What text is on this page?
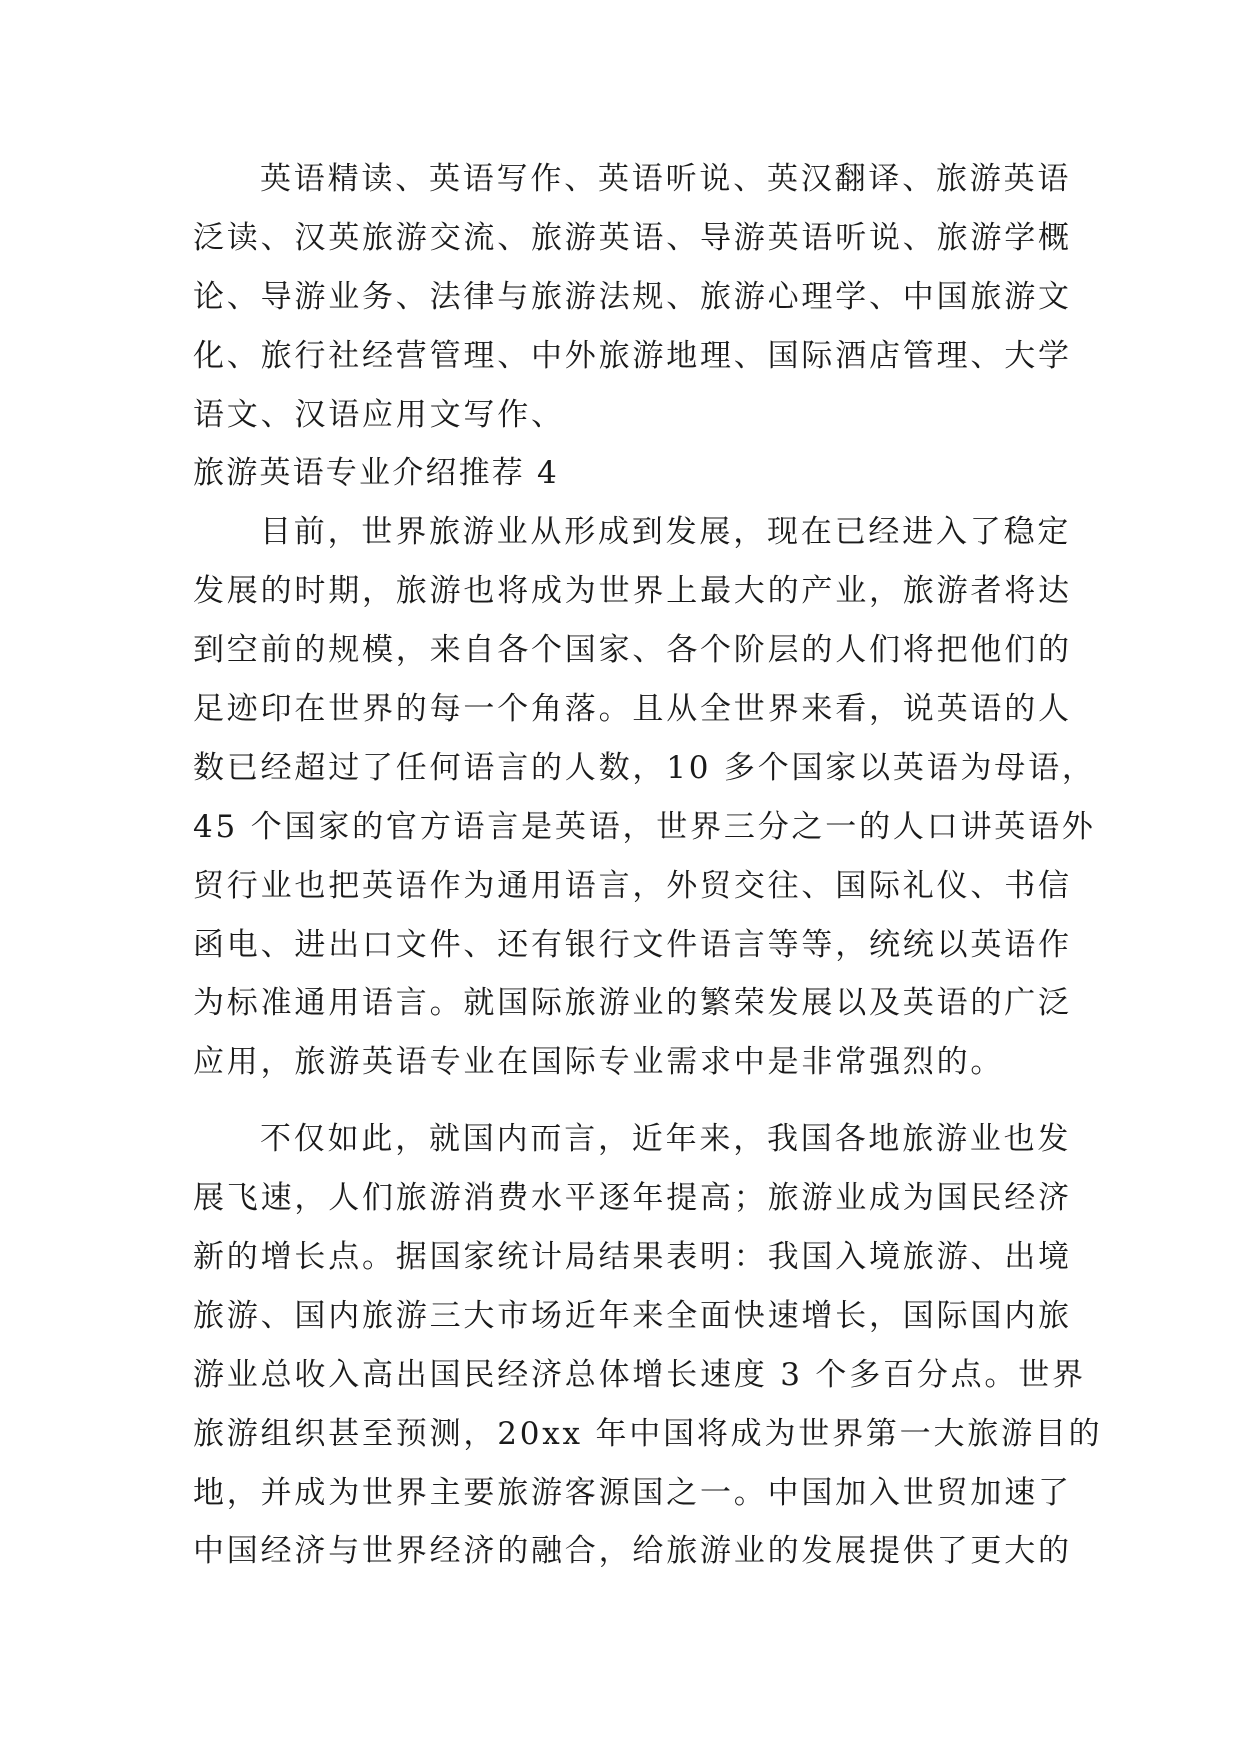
英语精读、英语写作、英语听说、英汉翻译、旅游英语
泛读、汉英旅游交流、旅游英语、导游英语听说、旅游学概
论、导游业务、法律与旅游法规、旅游心理学、中国旅游文
化、旅行社经营管理、中外旅游地理、国际酒店管理、大学
语文、汉语应用文写作、
旅游英语专业介绍推荐 4
目前，世界旅游业从形成到发展，现在已经进入了稳定
发展的时期，旅游也将成为世界上最大的产业，旅游者将达
到空前的规模，来自各个国家、各个阶层的人们将把他们的
足迹印在世界的每一个角落。且从全世界来看，说英语的人
数已经超过了任何语言的人数，10 多个国家以英语为母语，
45 个国家的官方语言是英语，世界三分之一的人口讲英语外
贸行业也把英语作为通用语言，外贸交往、国际礼仪、书信
函电、进出口文件、还有银行文件语言等等，统统以英语作
为标准通用语言。就国际旅游业的繁荣发展以及英语的广泛
应用，旅游英语专业在国际专业需求中是非常强烈的。
不仅如此，就国内而言，近年来，我国各地旅游业也发
展飞速，人们旅游消费水平逐年提高；旅游业成为国民经济
新的增长点。据国家统计局结果表明：我国入境旅游、出境
旅游、国内旅游三大市场近年来全面快速增长，国际国内旅
游业总收入高出国民经济总体增长速度 3 个多百分点。世界
旅游组织甚至预测，20xx 年中国将成为世界第一大旅游目的
地，并成为世界主要旅游客源国之一。中国加入世贸加速了
中国经济与世界经济的融合，给旅游业的发展提供了更大的
